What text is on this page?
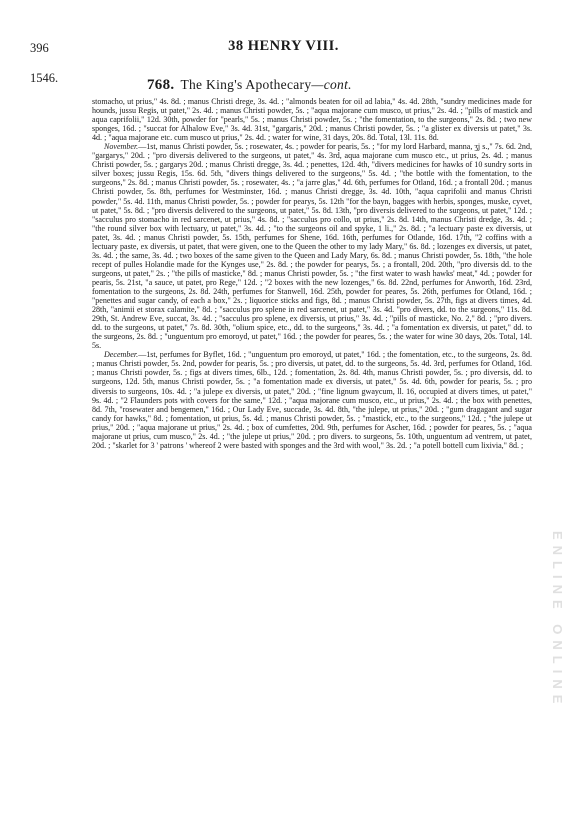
396	38 HENRY VIII.
1546.	768. The King's Apothecary—cont.

stomacho, ut prius," 4s. 8d. ; manus Christi drege, 3s. 4d. ; "almonds beaten for oil ad labia," 4s. 4d. 28th, "sundry medicines made for hounds, jussu Regis, ut patet," 2s. 4d. ; manus Christi powder, 5s. ; "aqua majorane cum musco, ut prius," 2s. 4d. ; "pills of mastick and aqua caprifolii," 12d. 30th, powder for "pearls," 5s. ; manus Christi powder, 5s. ; "the fomentation, to the surgeons," 2s. 8d. ; two new sponges, 16d. ; "succat for Alhalow Eve," 3s. 4d. 31st, "gargaris," 20d. ; manus Christi powder, 5s. ; "a glister ex diversis ut patet," 3s. 4d. ; "aqua majorane etc. cum musco ut prius," 2s. 4d. ; water for wine, 31 days, 20s. 8d. Total, 13l. 11s. 8d.

November.—1st, manus Christi powder, 5s. ; rosewater, 4s. ; powder for pearis, 5s. ; "for my lord Harbard, manna, ʒj s.," 7s. 6d. 2nd, "gargarys," 20d. ; "pro diversis delivered to the surgeons, ut patet," 4s. 3rd, aqua majorane cum musco etc., ut prius, 2s. 4d. ; manus Christi powder, 5s. ; gargarys 20d. ; manus Christi dregge, 3s. 4d. ; penettes, 12d. 4th, "divers medicines for hawks of 10 sundry sorts in silver boxes; jussu Regis, 15s. 6d. 5th, "divers things delivered to the surgeons," 5s. 4d. ; "the bottle with the fomentation, to the surgeons," 2s. 8d. ; manus Christi powder, 5s. ; rosewater, 4s. ; "a jarre glas," 4d. 6th, perfumes for Otland, 16d. ; a frontall 20d. ; manus Christi powder, 5s. 8th, perfumes for Westminster, 16d. ; manus Christi dregge, 3s. 4d. 10th, "aqua caprifolii and manus Christi powder," 5s. 4d. 11th, manus Christi powder, 5s. ; powder for pearys, 5s. 12th "for the bayn, bagges with herbis, sponges, muske, cyvet, ut patet," 5s. 8d. ; "pro diversis delivered to the surgeons, ut patet," 5s. 8d. 13th, "pro diversis delivered to the surgeons, ut patet," 12d. ; "sacculus pro stomacho in red sarcenet, ut prius," 4s. 8d. ; "sacculus pro collo, ut prius," 2s. 8d. 14th, manus Christi dredge, 3s. 4d. ; "the round silver box with lectuary, ut patet," 3s. 4d. ; "to the surgeons oil and spyke, 1 li.," 2s. 8d. ; "a lectuary paste ex diversis, ut patet, 3s. 4d. ; manus Christi powder, 5s. 15th, perfumes for Shene, 16d. 16th, perfumes for Otlande, 16d. 17th, "2 coffins with a lectuary paste, ex diversis, ut patet, that were given, one to the Queen the other to my lady Mary," 6s. 8d. ; lozenges ex diversis, ut patet, 3s. 4d. ; the same, 3s. 4d. ; two boxes of the same given to the Queen and Lady Mary, 6s. 8d. ; manus Christi powder, 5s. 18th, "the hole recept of pulles Holandie made for the Kynges use," 2s. 8d. ; the powder for pearys, 5s. ; a frontall, 20d. 20th, "pro diversis dd. to the surgeons, ut patet," 2s. ; "the pills of masticke," 8d. ; manus Christi powder, 5s. ; "the first water to wash hawks' meat," 4d. ; powder for pearis, 5s. 21st, "a sauce, ut patet, pro Rege," 12d. ; "2 boxes with the new lozenges," 6s. 8d. 22nd, perfumes for Anworth, 16d. 23rd, fomentation to the surgeons, 2s. 8d. 24th, perfumes for Stanwell, 16d. 25th, powder for peares, 5s. 26th, perfumes for Otland, 16d. ; "penettes and sugar candy, of each a box," 2s. ; liquorice sticks and figs, 8d. ; manus Christi powder, 5s. 27th, figs at divers times, 4d. 28th, "animii et storax calamite," 8d. ; "sacculus pro splene in red sarcenet, ut patet," 3s. 4d. "pro divers, dd. to the surgeons," 11s. 8d. 29th, St. Andrew Eve, succat, 3s. 4d. ; "sacculus pro splene, ex diversis, ut prius," 3s. 4d. ; "pills of masticke, No. 2," 8d. ; "pro divers. dd. to the surgeons, ut patet," 7s. 8d. 30th, "olium spice, etc., dd. to the surgeons," 3s. 4d. ; "a fomentation ex diversis, ut patet," dd. to the surgeons, 2s. 8d. ; "unguentum pro emoroyd, ut patet," 16d. ; the powder for peares, 5s. ; the water for wine 30 days, 20s. Total, 14l. 5s.

December.—1st, perfumes for Byflet, 16d. ; "unguentum pro emoroyd, ut patet," 16d. ; the fomentation, etc., to the surgeons, 2s. 8d. ; manus Christi powder, 5s. 2nd, powder for pearis, 5s. ; pro diversis, ut patet, dd. to the surgeons, 5s. 4d. 3rd, perfumes for Otland, 16d. ; manus Christi powder, 5s. ; figs at divers times, 6lb., 12d. ; fomentation, 2s. 8d. 4th, manus Christi powder, 5s. ; pro diversis, dd. to surgeons, 12d. 5th, manus Christi powder, 5s. ; "a fomentation made ex diversis, ut patet," 5s. 4d. 6th, powder for pearis, 5s. ; pro diversis to surgeons, 10s. 4d. ; "a julepe ex diversis, ut patet," 20d. ; "fine lignum gwaycum, ll. 16, occupied at divers times, ut patet," 9s. 4d. ; "2 Flaunders pots with covers for the same," 12d. ; "aqua majorane cum musco, etc., ut prius," 2s. 4d. ; the box with penettes, 8d. 7th, "rosewater and bengemen," 16d. ; Our Lady Eve, succade, 3s. 4d. 8th, "the julepe, ut prius," 20d. ; "gum dragagant and sugar candy for hawks," 8d. ; fomentation, ut prius, 5s. 4d. ; manus Christi powder, 5s. ; "mastick, etc., to the surgeons," 12d. ; "the julepe ut prius," 20d. ; "aqua majorane ut prius," 2s. 4d. ; box of cumfettes, 20d. 9th, perfumes for Ascher, 16d. ; powder for peares, 5s. ; "aqua majorane ut prius, cum musco," 2s. 4d. ; "the julepe ut prius," 20d. ; pro divers. to surgeons, 5s. 10th, unguentum ad ventrem, ut patet, 20d. ; "skarlet for 3 ' patrons ' whereof 2 were basted with sponges and the 3rd with wool," 3s. 2d. ; "a potell bottell cum lixivia," 8d. ;

ENLINE ONLINE
